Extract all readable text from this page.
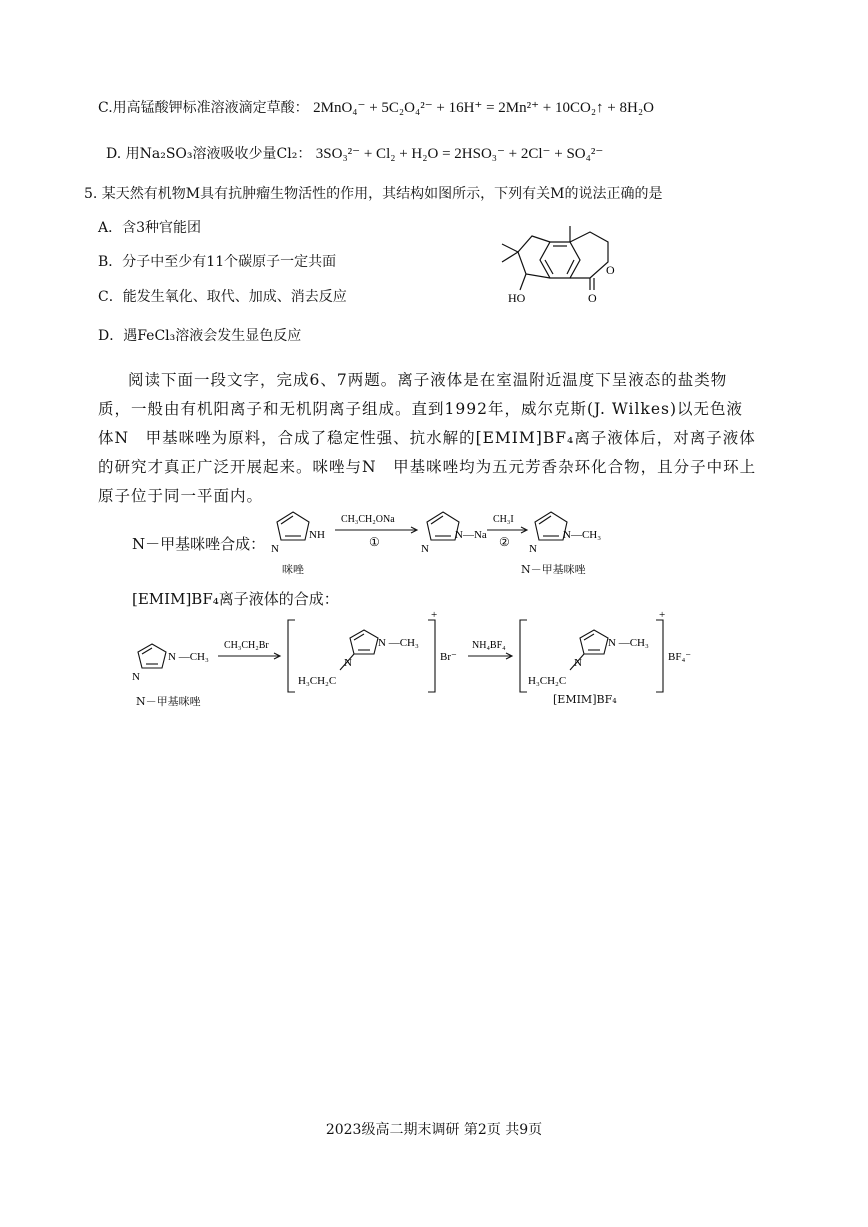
C.用高锰酸钾标准溶液滴定草酸： 2MnO₄⁻ + 5C₂O₄²⁻ + 16H⁺ = 2Mn²⁺ + 10CO₂↑ + 8H₂O
D. 用Na₂SO₃溶液吸收少量Cl₂： 3SO₃²⁻ + Cl₂ + H₂O = 2HSO₃⁻ + 2Cl⁻ + SO₄²⁻
5. 某天然有机物M具有抗肿瘤生物活性的作用，其结构如图所示，下列有关M的说法正确的是
A．含3种官能团
B．分子中至少有11个碳原子一定共面
C．能发生氧化、取代、加成、消去反应
D．遇FeCl₃溶液会发生显色反应
HO
O
O
阅读下面一段文字，完成6、7两题。离子液体是在室温附近温度下呈液态的盐类物质，一般由有机阳离子和无机阴离子组成。直到1992年，威尔克斯(J. Wilkes)以无色液体N　甲基咪唑为原料，合成了稳定性强、抗水解的[EMIM]BF₄离子液体后，对离子液体的研究才真正广泛开展起来。咪唑与N　甲基咪唑均为五元芳香杂环化合物，且分子中环上原子位于同一平面内。
N－甲基咪唑合成： N
NH
CH₃CH₂ONa
①	N
N—Na
CH₃I
② N
N—CH₃
咪唑	N－甲基咪唑
[EMIM]BF₄离子液体的合成：
N
N —CH₃
CH₃CH₂Br
N
N —CH₃
H₃CH₂C
Br⁻
+
NH₄BF₄
N
N —CH₃
H₃CH₂C
BF₄⁻
+
N－甲基咪唑	[EMIM]BF₄
2023级高二期末调研 第2页 共9页
